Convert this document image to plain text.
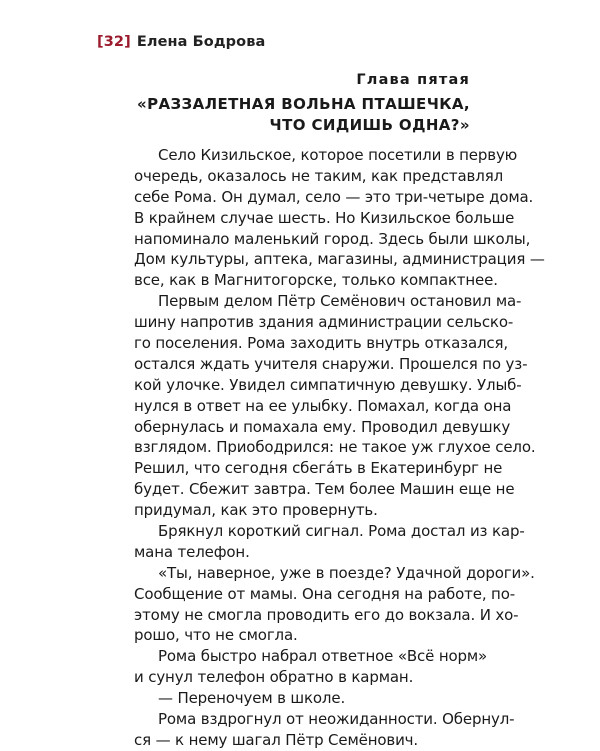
[32] Елена Бодрова
Глава пятая
«РАЗЗАЛЕТНАЯ ВОЛЬНА ПТАШЕЧКА,
ЧТО СИДИШЬ ОДНА?»
Село Кизильское, которое посетили в первую
очередь, оказалось не таким, как представлял
себе Рома. Он думал, село — это три-четыре дома.
В крайнем случае шесть. Но Кизильское больше
напоминало маленький город. Здесь были школы,
Дом культуры, аптека, магазины, администрация —
все, как в Магнитогорске, только компактнее.
Первым делом Пётр Семёнович остановил ма-
шину напротив здания администрации сельско-
го поселения. Рома заходить внутрь отказался,
остался ждать учителя снаружи. Прошелся по уз-
кой улочке. Увидел симпатичную девушку. Улыб-
нулся в ответ на ее улыбку. Помахал, когда она
обернулась и помахала ему. Проводил девушку
взглядом. Приободрился: не такое уж глухое село.
Решил, что сегодня сбегáть в Екатеринбург не
будет. Сбежит завтра. Тем более Машин еще не
придумал, как это провернуть.
Брякнул короткий сигнал. Рома достал из кар-
мана телефон.
«Ты, наверное, уже в поезде? Удачной дороги».
Сообщение от мамы. Она сегодня на работе, по-
этому не смогла проводить его до вокзала. И хо-
рошо, что не смогла.
Рома быстро набрал ответное «Всё норм»
и сунул телефон обратно в карман.
— Переночуем в школе.
Рома вздрогнул от неожиданности. Обернул-
ся — к нему шагал Пётр Семёнович.
